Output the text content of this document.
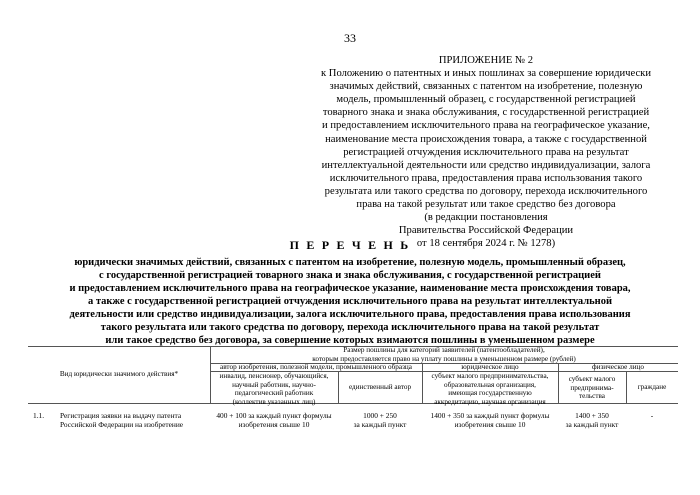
33
ПРИЛОЖЕНИЕ № 2
к Положению о патентных и иных пошлинах за совершение юридически
значимых действий, связанных с патентом на изобретение, полезную
модель, промышленный образец, с государственной регистрацией
товарного знака и знака обслуживания, с государственной регистрацией
и предоставлением исключительного права на географическое указание,
наименование места происхождения товара, а также с государственной
регистрацией отчуждения исключительного права на результат
интеллектуальной деятельности или средство индивидуализации, залога
исключительного права, предоставления права использования такого
результата или такого средства по договору, перехода исключительного
права на такой результат или такое средство без договора
(в редакции постановления
Правительства Российской Федерации
от 18 сентября 2024 г. № 1278)
П Е Р Е Ч Е Н Ь
юридически значимых действий, связанных с патентом на изобретение, полезную модель, промышленный образец,
с государственной регистрацией товарного знака и знака обслуживания, с государственной регистрацией
и предоставлением исключительного права на географическое указание, наименование места происхождения товара,
а также с государственной регистрацией отчуждения исключительного права на результат интеллектуальной
деятельности или средство индивидуализации, залога исключительного права, предоставления права использования
такого результата или такого средства по договору, перехода исключительного права на такой результат
или такое средство без договора, за совершение которых взимаются пошлины в уменьшенном размере
Вид юридически значимого действия*
Размер пошлины для категорий заявителей (патентообладателей),
которым предоставляется право на уплату пошлины в уменьшенном размере (рублей)
автор изобретения, полезной модели, промышленного образца	юридическое лицо	физическое лицо
инвалид, пенсионер, обучающийся,
научный работник, научно-
педагогический работник
(коллектив указанных лиц)
единственный автор
субъект малого предпринимательства,
образовательная организация,
имеющая государственную
аккредитацию, научная организация
субъект малого
предпринима-
тельства
граждане
1.1. Регистрация заявки на выдачу патента
Российской Федерации на изобретение
400 + 100 за каждый пункт формулы
изобретения свыше 10
1000 + 250
за каждый пункт
1400 + 350 за каждый пункт формулы
изобретения свыше 10
1400 + 350
за каждый пункт
-
